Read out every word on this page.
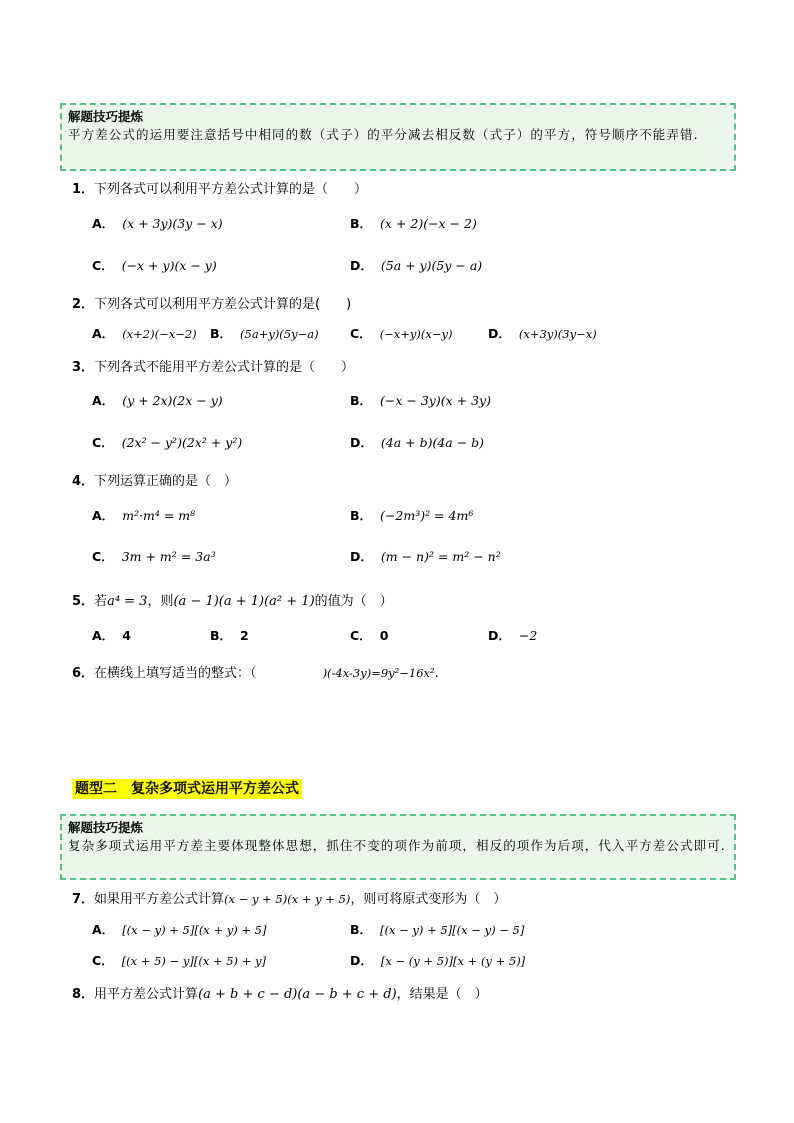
解题技巧提炼
平方差公式的运用要注意括号中相同的数（式子）的平分减去相反数（式子）的平方，符号顺序不能弄错.
1．下列各式可以利用平方差公式计算的是（　　）
A． (x + 3y)(3y − x)	B． (x + 2)(−x − 2)
C． (−x + y)(x − y)	D． (5a + y)(5y − a)
2．下列各式可以利用平方差公式计算的是(　　)
A． (x+2)(−x−2) B． (5a+y)(5y−a)	C． (−x+y)(x−y)	D． (x+3y)(3y−x)
3．下列各式不能用平方差公式计算的是（　　）
A． (y + 2x)(2x − y)	B． (−x − 3y)(x + 3y)
C． (2x² − y²)(2x² + y²)	D． (4a + b)(4a − b)
4．下列运算正确的是（　）
A． m²·m⁴ = m⁸	B． (−2m³)² = 4m⁶
C． 3m + m² = 3a³	D． (m − n)² = m² − n²
5．若a⁴ = 3，则(a − 1)(a + 1)(a² + 1)的值为（　）
A． 4	B． 2	C． 0	D． −2
6．在横线上填写适当的整式：（	)(-4x-3y)=9y²−16x².
题型二　复杂多项式运用平方差公式
解题技巧提炼
复杂多项式运用平方差主要体现整体思想，抓住不变的项作为前项，相反的项作为后项，代入平方差公式即可.
7．如果用平方差公式计算(x − y + 5)(x + y + 5)，则可将原式变形为（　）
A． [(x − y) + 5][(x + y) + 5]	B． [(x − y) + 5][(x − y) − 5]
C． [(x + 5) − y][(x + 5) + y]	D． [x − (y + 5)][x + (y + 5)]
8．用平方差公式计算(a + b + c − d)(a − b + c + d)，结果是（　）
